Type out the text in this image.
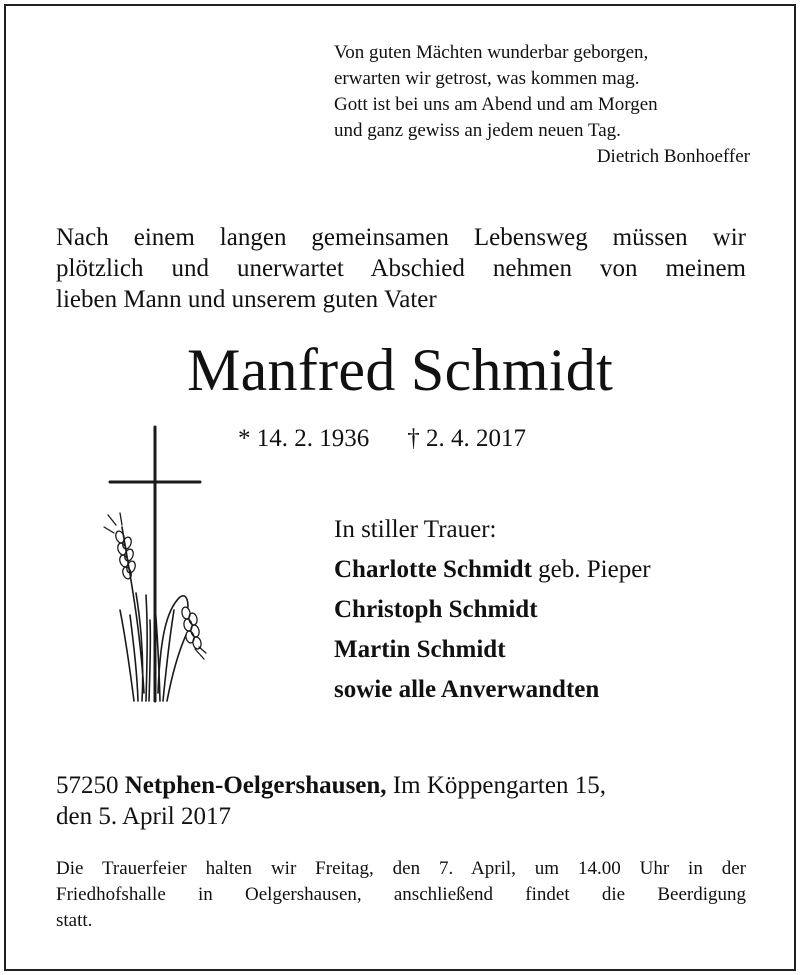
Von guten Mächten wunderbar geborgen,
erwarten wir getrost, was kommen mag.
Gott ist bei uns am Abend und am Morgen
und ganz gewiss an jedem neuen Tag.
Dietrich Bonhoeffer
Nach einem langen gemeinsamen Lebensweg müssen wir
plötzlich und unerwartet Abschied nehmen von meinem
lieben Mann und unserem guten Vater
Manfred Schmidt
* 14. 2. 1936 † 2. 4. 2017
In stiller Trauer:
Charlotte Schmidt geb. Pieper
Christoph Schmidt
Martin Schmidt
sowie alle Anverwandten
57250 Netphen-Oelgershausen, Im Köppengarten 15,
den 5. April 2017
Die Trauerfeier halten wir Freitag, den 7. April, um 14.00 Uhr in der
Friedhofshalle in Oelgershausen, anschließend findet die Beerdigung
statt.
